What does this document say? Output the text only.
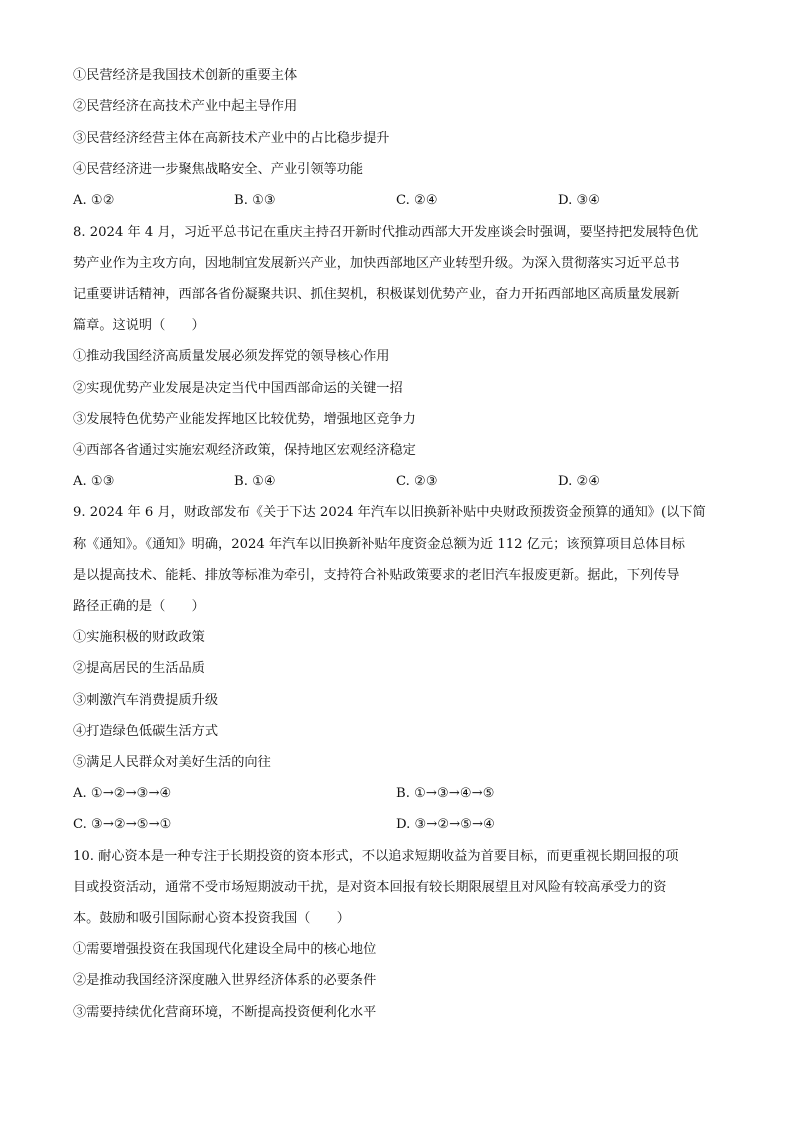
①民营经济是我国技术创新的重要主体
②民营经济在高技术产业中起主导作用
③民营经济经营主体在高新技术产业中的占比稳步提升
④民营经济进一步聚焦战略安全、产业引领等功能
A. ①②	B. ①③	C. ②④	D. ③④
8. 2024 年 4 月，习近平总书记在重庆主持召开新时代推动西部大开发座谈会时强调，要坚持把发展特色优
势产业作为主攻方向，因地制宜发展新兴产业，加快西部地区产业转型升级。为深入贯彻落实习近平总书
记重要讲话精神，西部各省份凝聚共识、抓住契机，积极谋划优势产业，奋力开拓西部地区高质量发展新
篇章。这说明（　　）
①推动我国经济高质量发展必须发挥党的领导核心作用
②实现优势产业发展是决定当代中国西部命运的关键一招
③发展特色优势产业能发挥地区比较优势，增强地区竞争力
④西部各省通过实施宏观经济政策，保持地区宏观经济稳定
A. ①③	B. ①④	C. ②③	D. ②④
9. 2024 年 6 月，财政部发布《关于下达 2024 年汽车以旧换新补贴中央财政预拨资金预算的通知》(以下简
称《通知》。《通知》明确，2024 年汽车以旧换新补贴年度资金总额为近 112 亿元；该预算项目总体目标
是以提高技术、能耗、排放等标准为牵引，支持符合补贴政策要求的老旧汽车报废更新。据此，下列传导
路径正确的是（　　）
①实施积极的财政政策
②提高居民的生活品质
③刺激汽车消费提质升级
④打造绿色低碳生活方式
⑤满足人民群众对美好生活的向往
A. ①→②→③→④	B. ①→③→④→⑤
C. ③→②→⑤→①	D. ③→②→⑤→④
10. 耐心资本是一种专注于长期投资的资本形式，不以追求短期收益为首要目标，而更重视长期回报的项
目或投资活动，通常不受市场短期波动干扰，是对资本回报有较长期限展望且对风险有较高承受力的资
本。鼓励和吸引国际耐心资本投资我国（　　）
①需要增强投资在我国现代化建设全局中的核心地位
②是推动我国经济深度融入世界经济体系的必要条件
③需要持续优化营商环境，不断提高投资便利化水平
